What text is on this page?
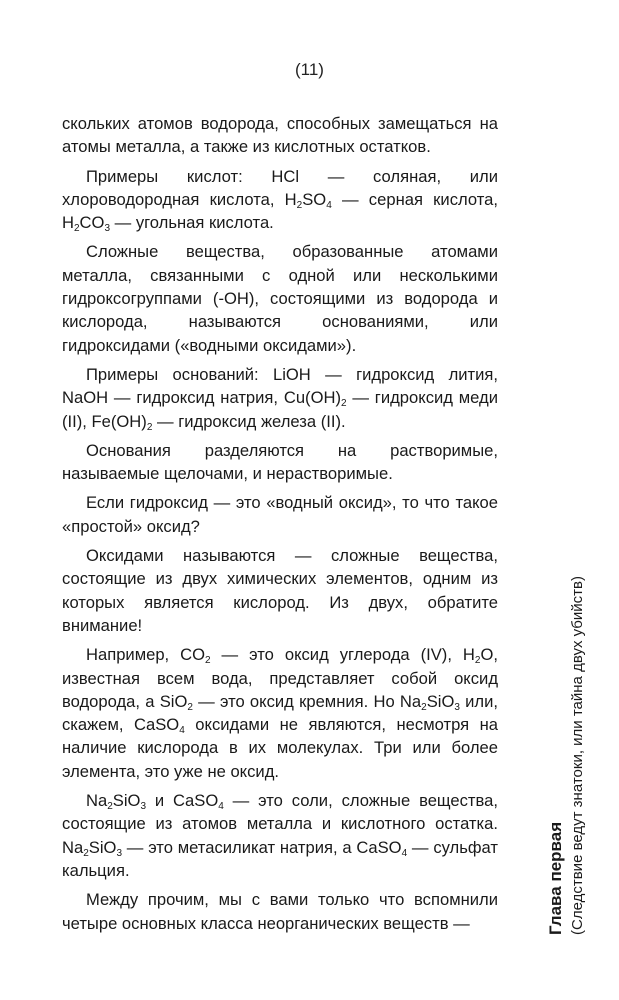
(11)

скольких атомов водорода, способных замещаться на атомы металла, а также из кислотных остатков.

Примеры кислот: HCl — соляная, или хлороводородная кислота, $H_2SO_4$ — серная кислота, $H_2CO_3$ — угольная кислота.

Сложные вещества, образованные атомами металла, связанными с одной или несколькими гидроксогруппами (-OH), состоящими из водорода и кислорода, называются основаниями, или гидроксидами («водными оксидами»).

Примеры оснований: LiOH — гидроксид лития, NaOH — гидроксид натрия, $Cu(OH)_2$ — гидроксид меди (II), $Fe(OH)_2$ — гидроксид железа (II).

Основания разделяются на растворимые, называемые щелочами, и нерастворимые.

Если гидроксид — это «водный оксид», то что такое «простой» оксид?

Оксидами называются — сложные вещества, состоящие из двух химических элементов, одним из которых является кислород. Из двух, обратите внимание!

Например, $CO_2$ — это оксид углерода (IV), $H_2O$, известная всем вода, представляет собой оксид водорода, а SiO$_2$ — это оксид кремния. Но $Na_2SiO_3$ или, скажем, CaSO$_4$ оксидами не являются, несмотря на наличие кислорода в их молекулах. Три или более элемента, это уже не оксид.

$Na_2SiO_3$ и CaSO$_4$ — это соли, сложные вещества, состоящие из атомов металла и кислотного остатка. $Na_2SiO_3$ — это метасиликат натрия, а CaSO$_4$ — сульфат кальция.

Между прочим, мы с вами только что вспомнили четыре основных класса неорганических веществ —	Глава первая (Следствие ведут знатоки, или тайна двух убийств)
